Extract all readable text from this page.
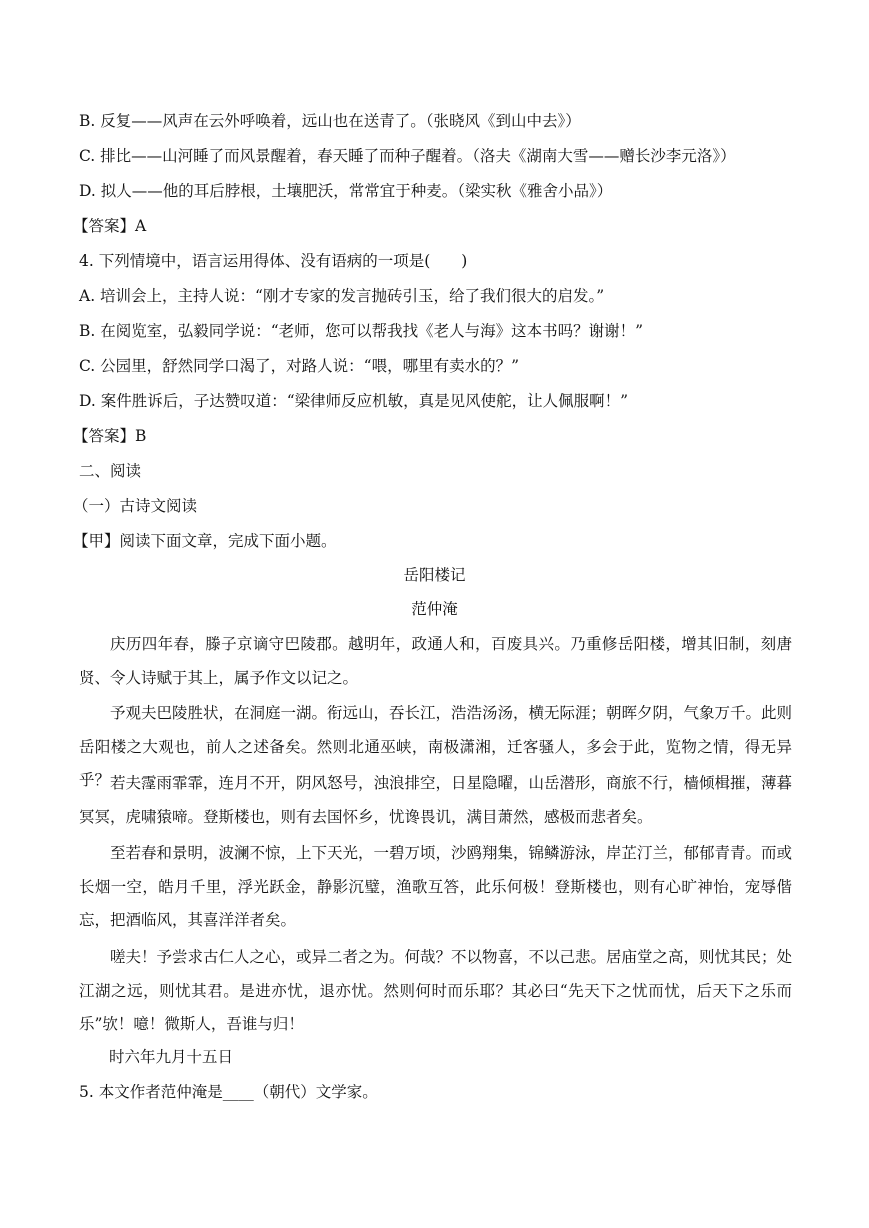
B. 反复——风声在云外呼唤着，远山也在送青了。（张晓风《到山中去》）
C. 排比——山河睡了而风景醒着，春天睡了而种子醒着。（洛夫《湖南大雪——赠长沙李元洛》）
D. 拟人——他的耳后脖根，土壤肥沃，常常宜于种麦。（梁实秋《雅舍小品》）
【答案】A
4. 下列情境中，语言运用得体、没有语病的一项是(　　)
A. 培训会上，主持人说：“刚才专家的发言抛砖引玉，给了我们很大的启发。”
B. 在阅览室，弘毅同学说：“老师，您可以帮我找《老人与海》这本书吗？谢谢！”
C. 公园里，舒然同学口渴了，对路人说：“喂，哪里有卖水的？”
D. 案件胜诉后，子达赞叹道：“梁律师反应机敏，真是见风使舵，让人佩服啊！”
【答案】B
二、阅读
（一）古诗文阅读
【甲】阅读下面文章，完成下面小题。
岳阳楼记
范仲淹
庆历四年春，滕子京谪守巴陵郡。越明年，政通人和，百废具兴。乃重修岳阳楼，增其旧制，刻唐贤、令人诗赋于其上，属予作文以记之。
予观夫巴陵胜状，在洞庭一湖。衔远山，吞长江，浩浩汤汤，横无际涯；朝晖夕阴，气象万千。此则岳阳楼之大观也，前人之述备矣。然则北通巫峡，南极潇湘，迁客骚人，多会于此，览物之情，得无异乎？ 若夫霪雨霏霏，连月不开，阴风怒号，浊浪排空，日星隐曜，山岳潜形，商旅不行，樯倾楫摧，薄暮冥冥，虎啸猿啼。登斯楼也，则有去国怀乡，忧谗畏讥，满目萧然，感极而悲者矣。
至若春和景明，波澜不惊，上下天光，一碧万顷，沙鸥翔集，锦鳞游泳，岸芷汀兰，郁郁青青。而或长烟一空，皓月千里，浮光跃金，静影沉璧，渔歌互答，此乐何极！登斯楼也，则有心旷神怡，宠辱偕忘，把酒临风，其喜洋洋者矣。
嗟夫！予尝求古仁人之心，或异二者之为。何哉？不以物喜，不以己悲。居庙堂之高，则忧其民；处江湖之远，则忧其君。是进亦忧，退亦忧。然则何时而乐耶？其必曰“先天下之忧而忧，后天下之乐而乐”欤！噫！微斯人，吾谁与归！
时六年九月十五日
5. 本文作者范仲淹是____（朝代）文学家。
